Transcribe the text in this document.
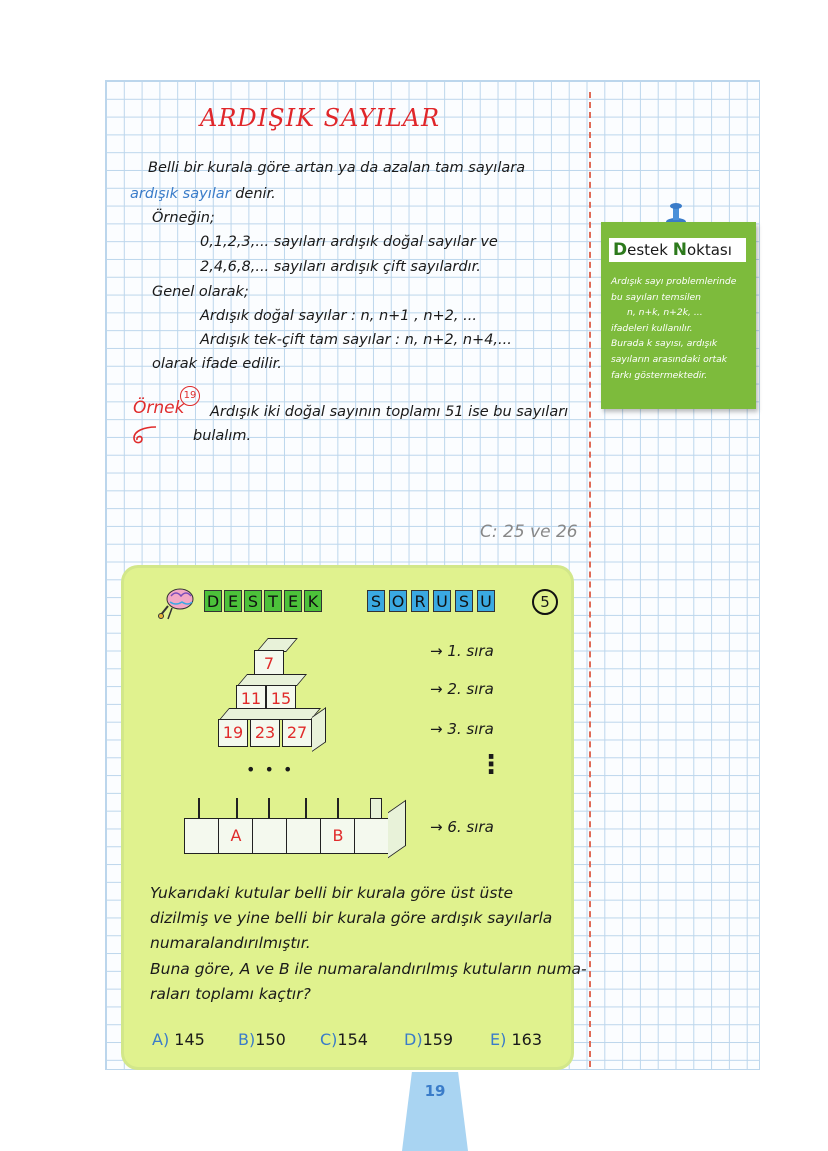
ARDIŞIK SAYILAR
Belli bir kurala göre artan ya da azalan tam sayılara
ardışık sayılar denir.
Örneğin;
0,1,2,3,... sayıları ardışık doğal sayılar ve
2,4,6,8,... sayıları ardışık çift sayılardır.
Genel olarak;
Ardışık doğal sayılar : n, n+1 , n+2, ...
Ardışık tek-çift tam sayılar : n, n+2, n+4,...
olarak ifade edilir.
Örnek
19
Ardışık iki doğal sayının toplamı 51 ise bu sayıları
bulalım.
C: 25 ve 26
Destek Noktası
Ardışık sayı problemlerinde
bu sayıları temsilen
n, n+k, n+2k, ...
ifadeleri kullanılır.
Burada k sayısı, ardışık
sayıların arasındaki ortak
farkı göstermektedir.
D E S T E K	S O R U S U	5
7
11 15
19 23 27
• • •
A	B
→ 1. sıra
→ 2. sıra
→ 3. sıra
⋮
→ 6. sıra
Yukarıdaki kutular belli bir kurala göre üst üste
dizilmiş ve yine belli bir kurala göre ardışık sayılarla
numaralandırılmıştır.
Buna göre, A ve B ile numaralandırılmış kutuların numa-
raları toplamı kaçtır?
A) 145 B)150 C)154 D)159 E) 163
19
